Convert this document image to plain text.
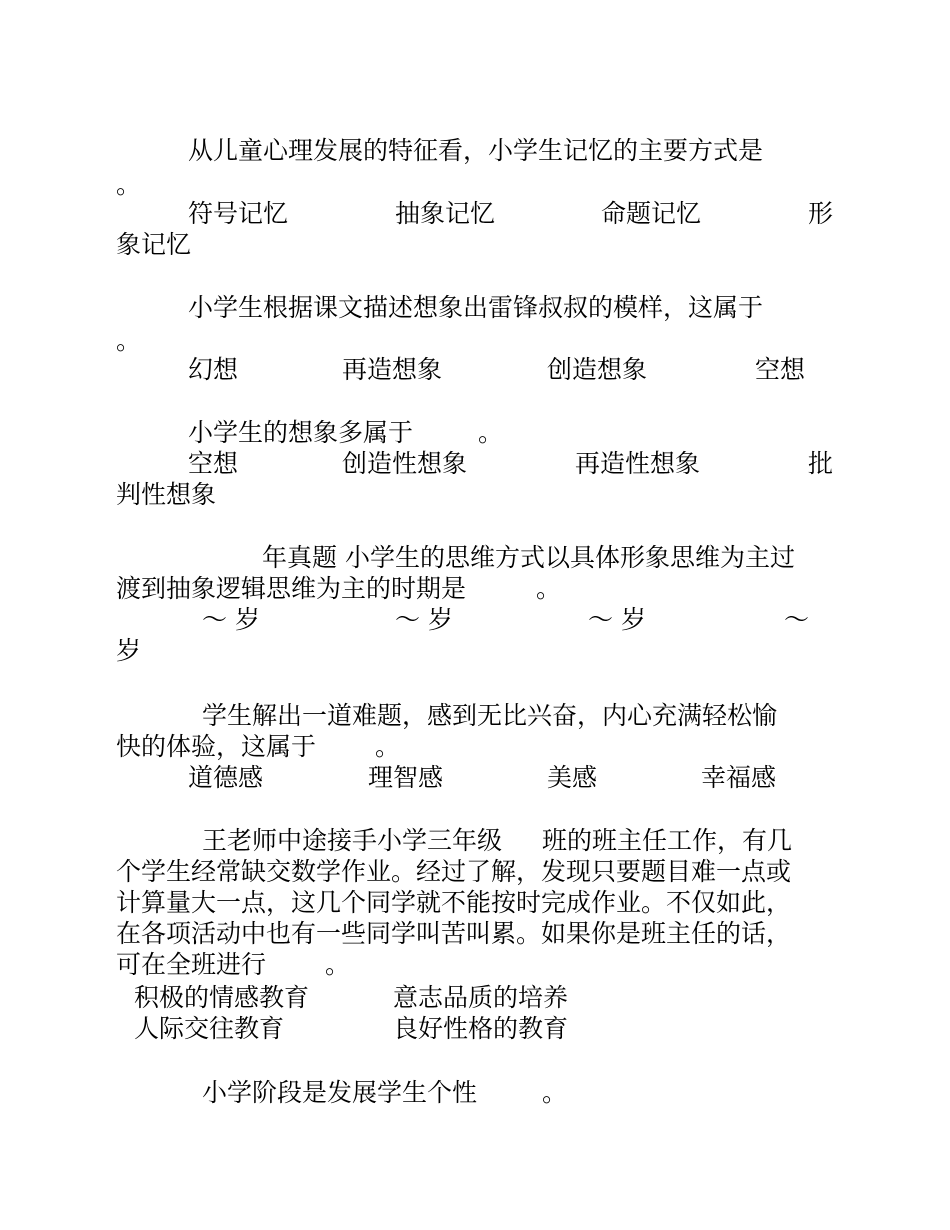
从儿童心理发展的特征看，小学生记忆的主要方式是

。

符号记忆	抽象记忆	命题记忆	形

象记忆

小学生根据课文描述想象出雷锋叔叔的模样，这属于

。

幻想	再造想象	创造想象	空想

小学生的想象多属于	。

空想	创造性想象	再造性想象	批

判性想象

年真题 小学生的思维方式以具体形象思维为主过

渡到抽象逻辑思维为主的时期是	。

～ 岁	～ 岁	～ 岁	～

岁

学生解出一道难题，感到无比兴奋，内心充满轻松愉

快的体验，这属于 。

道德感	理智感	美感	幸福感

王老师中途接手小学三年级 班的班主任工作，有几

个学生经常缺交数学作业。经过了解，发现只要题目难一点或

计算量大一点，这几个同学就不能按时完成作业。不仅如此，

在各项活动中也有一些同学叫苦叫累。如果你是班主任的话，

可在全班进行 。

积极的情感教育	意志品质的培养

人际交往教育	良好性格的教育

小学阶段是发展学生个性	。
